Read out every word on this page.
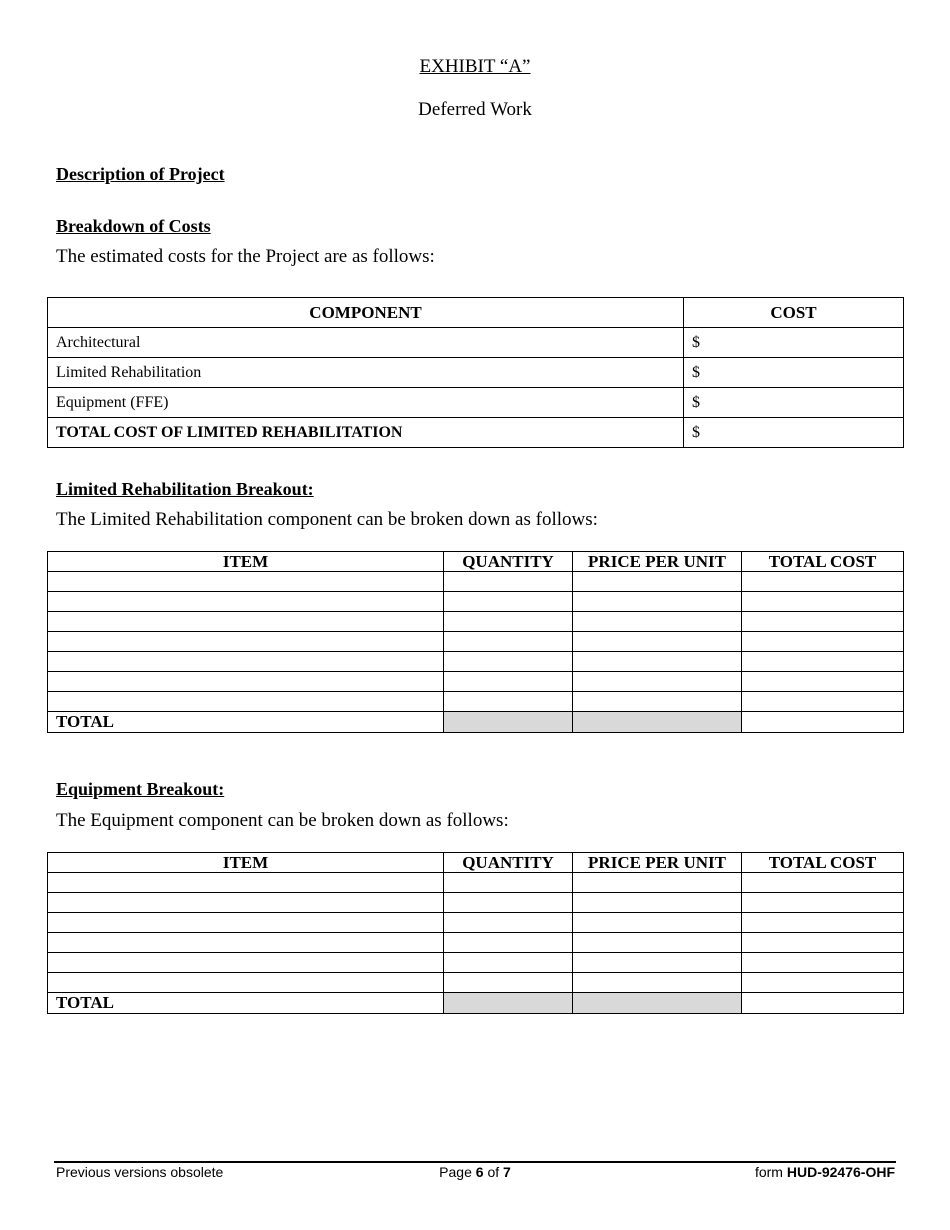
EXHIBIT “A”
Deferred Work
Description of Project
Breakdown of Costs
The estimated costs for the Project are as follows:
COMPONENT	COST
Architectural	$
Limited Rehabilitation	$
Equipment (FFE)	$
TOTAL COST OF LIMITED REHABILITATION	$
Limited Rehabilitation Breakout:
The Limited Rehabilitation component can be broken down as follows:
ITEM	QUANTITY	PRICE PER UNIT	TOTAL COST

TOTAL			
Equipment Breakout:
The Equipment component can be broken down as follows:
ITEM	QUANTITY	PRICE PER UNIT	TOTAL COST

TOTAL			
Previous versions obsolete	Page 6 of 7	form HUD-92476-OHF
